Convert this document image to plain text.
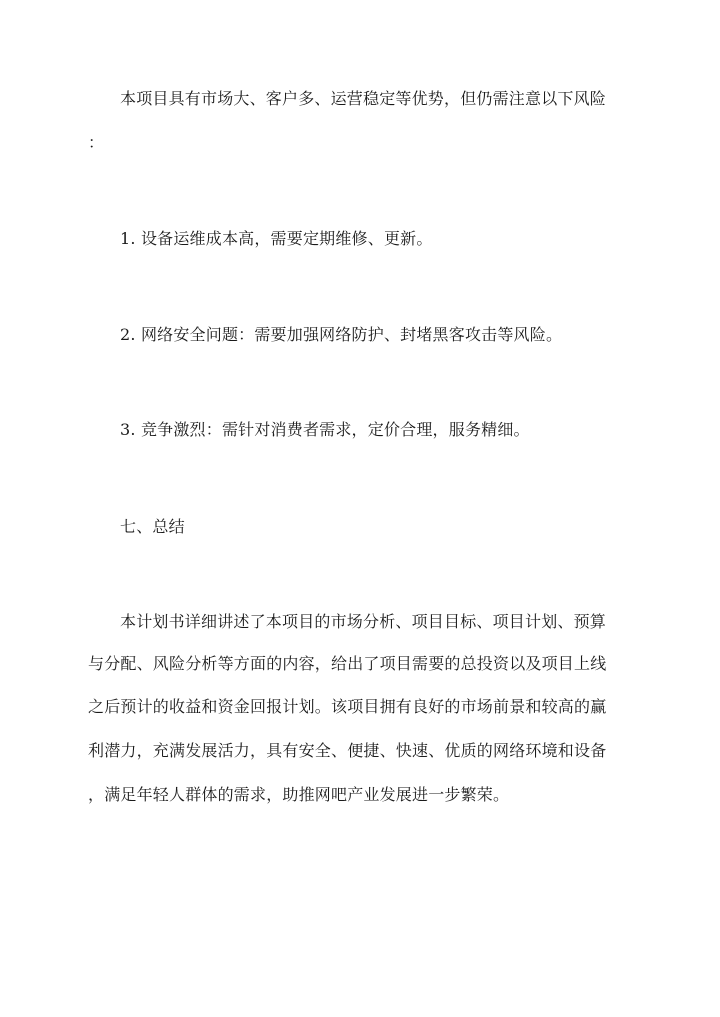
本项目具有市场大、客户多、运营稳定等优势，但仍需注意以下风险
：
1. 设备运维成本高，需要定期维修、更新。
2. 网络安全问题：需要加强网络防护、封堵黑客攻击等风险。
3. 竞争激烈：需针对消费者需求，定价合理，服务精细。
七、总结
本计划书详细讲述了本项目的市场分析、项目目标、项目计划、预算
与分配、风险分析等方面的内容，给出了项目需要的总投资以及项目上线
之后预计的收益和资金回报计划。该项目拥有良好的市场前景和较高的赢
利潜力，充满发展活力，具有安全、便捷、快速、优质的网络环境和设备
，满足年轻人群体的需求，助推网吧产业发展进一步繁荣。
